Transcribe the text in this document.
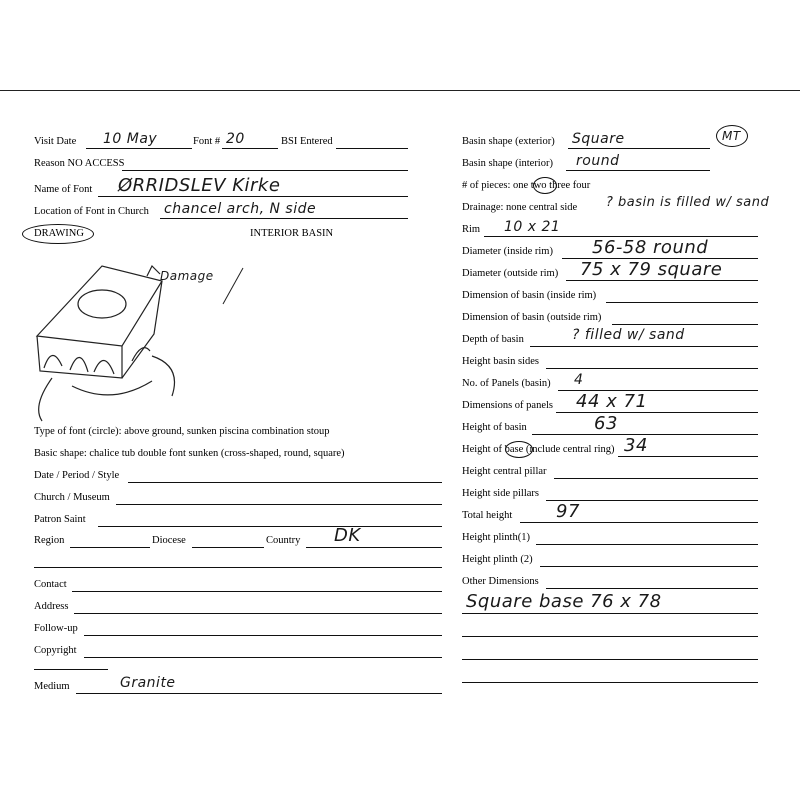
Visit Date 10 May	Font # 20	BSI Entered
Reason NO ACCESS
Name of Font ØRRIDSLEV Kirke
Location of Font in Church chancel arch, N side
DRAWING	INTERIOR BASIN
Damage
Type of font (circle): above ground, sunken piscina combination stoup
Basic shape: chalice tub double font sunken (cross-shaped, round, square)
Date / Period / Style
Church / Museum
Patron Saint
Region	Diocese	Country DK
Contact
Address
Follow-up
Copyright
Medium	Granite
MT
Basin shape (exterior) Square
Basin shape (interior) round
# of pieces: one two three four
Drainage: none central side ? basin is filled w/ sand
Rim 10 x 21
Diameter (inside rim) 56-58 round
Diameter (outside rim) 75 x 79 square
Dimension of basin (inside rim)
Dimension of basin (outside rim)
Depth of basin	? filled w/ sand
Height basin sides
No. of Panels (basin) 4
Dimensions of panels 44 x 71
Height of basin	63
Height of base (include central ring) 34
Height central pillar
Height side pillars
Total height 97
Height plinth(1)
Height plinth (2)
Other Dimensions
Square base 76 x 78
